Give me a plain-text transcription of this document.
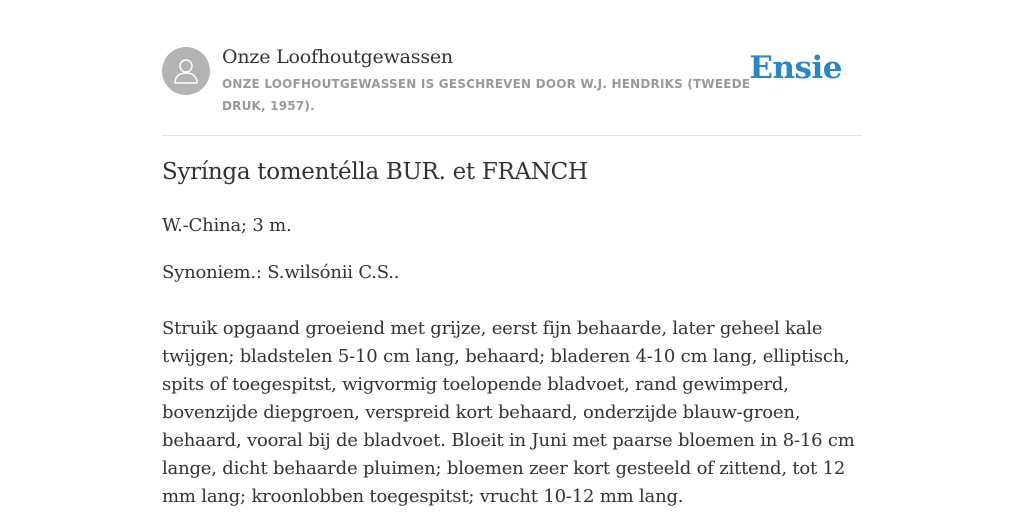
Onze Loofhoutgewassen
ONZE LOOFHOUTGEWASSEN IS GESCHREVEN DOOR W.J. HENDRIKS (TWEEDE DRUK, 1957).
Ensie
Syrínga tomentélla BUR. et FRANCH

W.-China; 3 m.

Synoniem.: S.wilsónii C.S..

Struik opgaand groeiend met grijze, eerst fijn behaarde, later geheel kale twijgen; bladstelen 5-10 cm lang, behaard; bladeren 4-10 cm lang, elliptisch, spits of toegespitst, wigvormig toelopende bladvoet, rand gewimperd, bovenzijde diepgroen, verspreid kort behaard, onderzijde blauw-groen, behaard, vooral bij de bladvoet. Bloeit in Juni met paarse bloemen in 8-16 cm lange, dicht behaarde pluimen; bloemen zeer kort gesteeld of zittend, tot 12 mm lang; kroonlobben toegespitst; vrucht 10-12 mm lang.
